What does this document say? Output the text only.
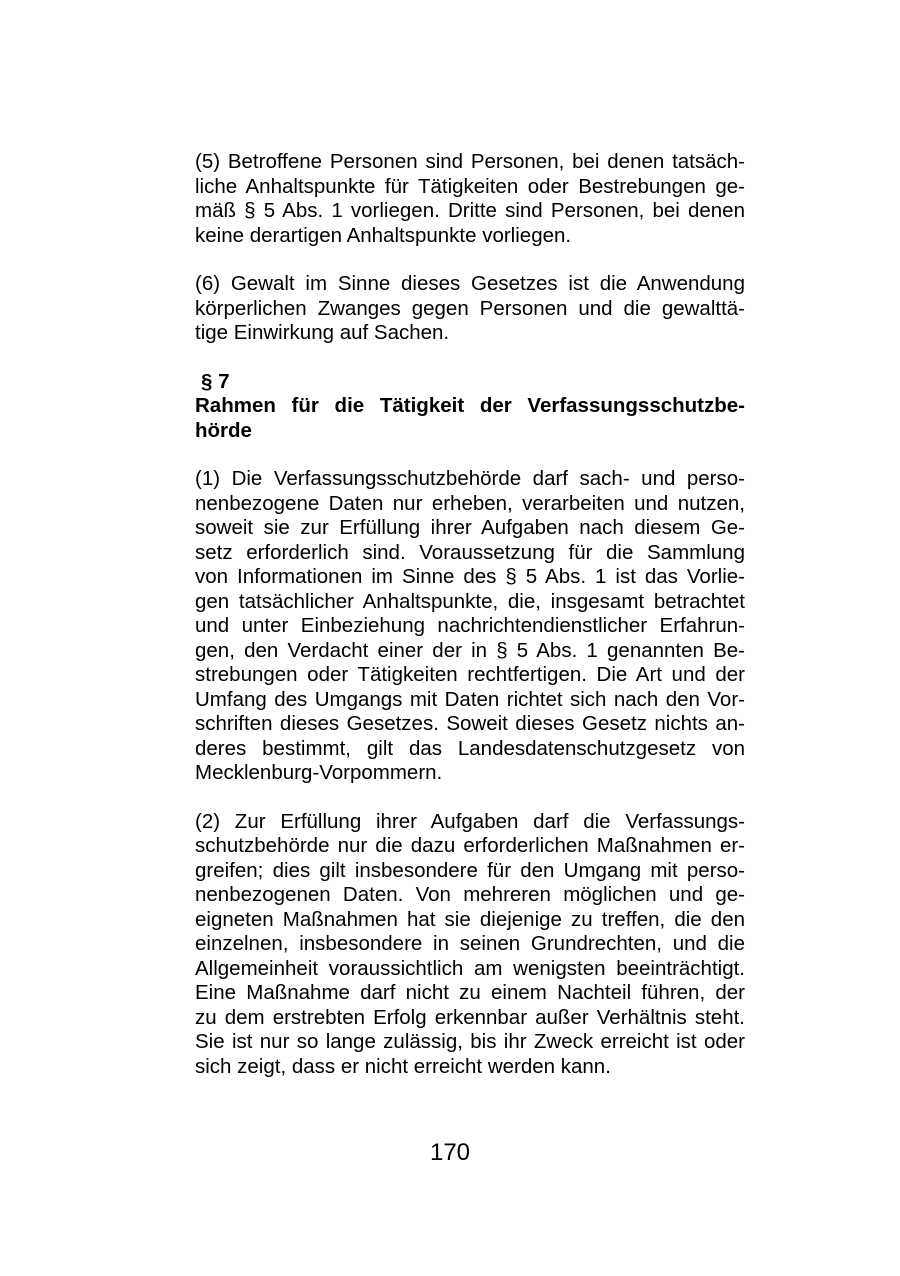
(5) Betroffene Personen sind Personen, bei denen tatsäch-
liche Anhaltspunkte für Tätigkeiten oder Bestrebungen ge-
mäß § 5 Abs. 1 vorliegen. Dritte sind Personen, bei denen
keine derartigen Anhaltspunkte vorliegen.
(6) Gewalt im Sinne dieses Gesetzes ist die Anwendung
körperlichen Zwanges gegen Personen und die gewalttä-
tige Einwirkung auf Sachen.
§ 7
Rahmen für die Tätigkeit der Verfassungsschutzbe-
hörde
(1) Die Verfassungsschutzbehörde darf sach- und perso-
nenbezogene Daten nur erheben, verarbeiten und nutzen,
soweit sie zur Erfüllung ihrer Aufgaben nach diesem Ge-
setz erforderlich sind. Voraussetzung für die Sammlung
von Informationen im Sinne des § 5 Abs. 1 ist das Vorlie-
gen tatsächlicher Anhaltspunkte, die, insgesamt betrachtet
und unter Einbeziehung nachrichtendienstlicher Erfahrun-
gen, den Verdacht einer der in § 5 Abs. 1 genannten Be-
strebungen oder Tätigkeiten rechtfertigen. Die Art und der
Umfang des Umgangs mit Daten richtet sich nach den Vor-
schriften dieses Gesetzes. Soweit dieses Gesetz nichts an-
deres bestimmt, gilt das Landesdatenschutzgesetz von
Mecklenburg-Vorpommern.
(2) Zur Erfüllung ihrer Aufgaben darf die Verfassungs-
schutzbehörde nur die dazu erforderlichen Maßnahmen er-
greifen; dies gilt insbesondere für den Umgang mit perso-
nenbezogenen Daten. Von mehreren möglichen und ge-
eigneten Maßnahmen hat sie diejenige zu treffen, die den
einzelnen, insbesondere in seinen Grundrechten, und die
Allgemeinheit voraussichtlich am wenigsten beeinträchtigt.
Eine Maßnahme darf nicht zu einem Nachteil führen, der
zu dem erstrebten Erfolg erkennbar außer Verhältnis steht.
Sie ist nur so lange zulässig, bis ihr Zweck erreicht ist oder
sich zeigt, dass er nicht erreicht werden kann.
170
